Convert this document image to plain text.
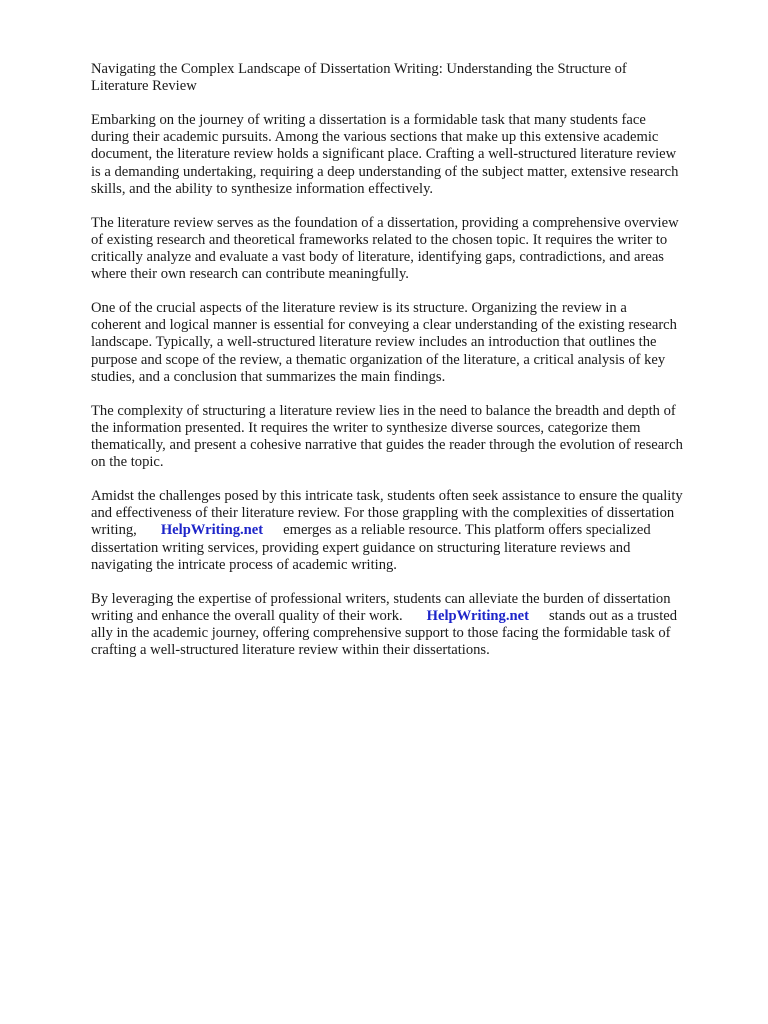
Navigating the Complex Landscape of Dissertation Writing: Understanding the Structure of
Literature Review

Embarking on the journey of writing a dissertation is a formidable task that many students face
during their academic pursuits. Among the various sections that make up this extensive academic
document, the literature review holds a significant place. Crafting a well-structured literature review
is a demanding undertaking, requiring a deep understanding of the subject matter, extensive research
skills, and the ability to synthesize information effectively.

The literature review serves as the foundation of a dissertation, providing a comprehensive overview
of existing research and theoretical frameworks related to the chosen topic. It requires the writer to
critically analyze and evaluate a vast body of literature, identifying gaps, contradictions, and areas
where their own research can contribute meaningfully.

One of the crucial aspects of the literature review is its structure. Organizing the review in a
coherent and logical manner is essential for conveying a clear understanding of the existing research
landscape. Typically, a well-structured literature review includes an introduction that outlines the
purpose and scope of the review, a thematic organization of the literature, a critical analysis of key
studies, and a conclusion that summarizes the main findings.

The complexity of structuring a literature review lies in the need to balance the breadth and depth of
the information presented. It requires the writer to synthesize diverse sources, categorize them
thematically, and present a cohesive narrative that guides the reader through the evolution of research
on the topic.

Amidst the challenges posed by this intricate task, students often seek assistance to ensure the quality
and effectiveness of their literature review. For those grappling with the complexities of dissertation
writing, HelpWriting.net emerges as a reliable resource. This platform offers specialized
dissertation writing services, providing expert guidance on structuring literature reviews and
navigating the intricate process of academic writing.

By leveraging the expertise of professional writers, students can alleviate the burden of dissertation
writing and enhance the overall quality of their work. HelpWriting.net stands out as a trusted
ally in the academic journey, offering comprehensive support to those facing the formidable task of
crafting a well-structured literature review within their dissertations.
